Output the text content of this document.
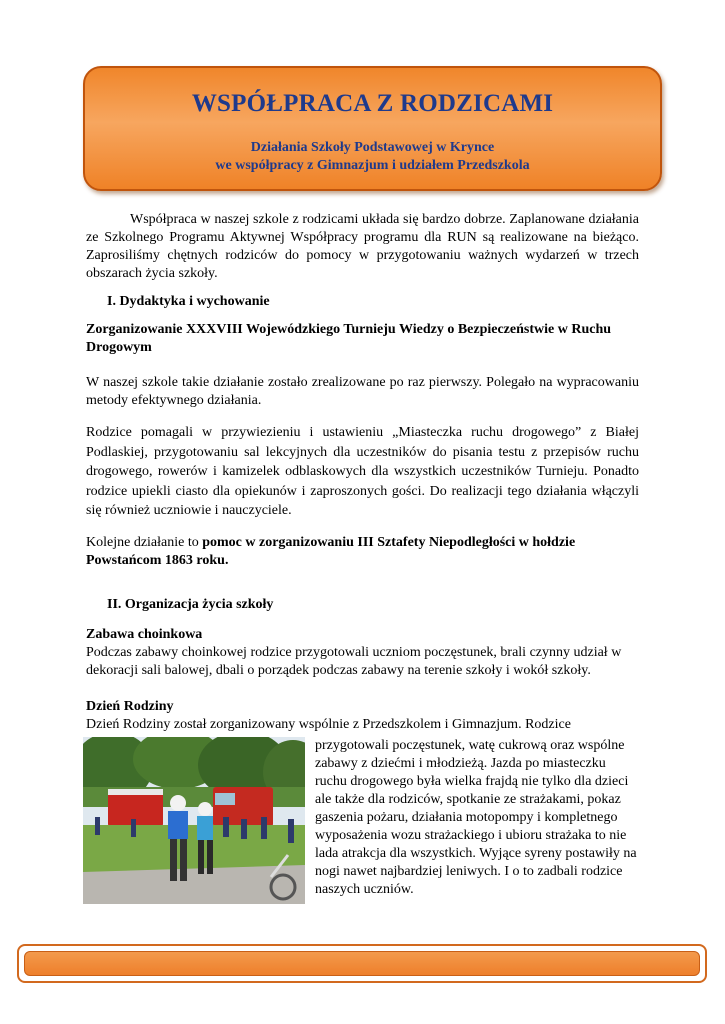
WSPÓŁPRACA Z RODZICAMI
Działania Szkoły Podstawowej w Krynce
we współpracy z Gimnazjum i udziałem Przedszkola

Współpraca w naszej szkole z rodzicami układa się bardzo dobrze. Zaplanowane działania ze Szkolnego Programu Aktywnej Współpracy programu dla RUN są realizowane na bieżąco. Zaprosiliśmy chętnych rodziców do pomocy w przygotowaniu ważnych wydarzeń w trzech obszarach życia szkoły.

I. Dydaktyka i wychowanie

Zorganizowanie XXXVIII Wojewódzkiego Turnieju Wiedzy o Bezpieczeństwie w Ruchu Drogowym

W naszej szkole takie działanie zostało zrealizowane po raz pierwszy. Polegało na wypracowaniu metody efektywnego działania.

Rodzice pomagali w przywiezieniu i ustawieniu „Miasteczka ruchu drogowego” z Białej Podlaskiej, przygotowaniu sal lekcyjnych dla uczestników do pisania testu z przepisów ruchu drogowego, rowerów i kamizelek odblaskowych dla wszystkich uczestników Turnieju. Ponadto rodzice upiekli ciasto dla opiekunów i zaproszonych gości. Do realizacji tego działania włączyli się również uczniowie i nauczyciele.

Kolejne działanie to pomoc w zorganizowaniu III Sztafety Niepodległości w hołdzie Powstańcom 1863 roku.

II. Organizacja życia szkoły

Zabawa choinkowa

Podczas zabawy choinkowej rodzice przygotowali uczniom poczęstunek, brali czynny udział w dekoracji sali balowej, dbali o porządek podczas zabawy na terenie szkoły i wokół szkoły.

Dzień Rodziny

Dzień Rodziny został zorganizowany wspólnie z Przedszkolem i Gimnazjum. Rodzice

przygotowali poczęstunek, watę cukrową oraz wspólne zabawy z dziećmi i młodzieżą. Jazda po miasteczku ruchu drogowego była wielka frajdą nie tylko dla dzieci ale także dla rodziców, spotkanie ze strażakami, pokaz gaszenia pożaru, działania motopompy i kompletnego wyposażenia wozu strażackiego i ubioru strażaka to nie lada atrakcja dla wszystkich. Wyjące syreny postawiły na nogi nawet najbardziej leniwych. I o to zadbali rodzice naszych uczniów.
